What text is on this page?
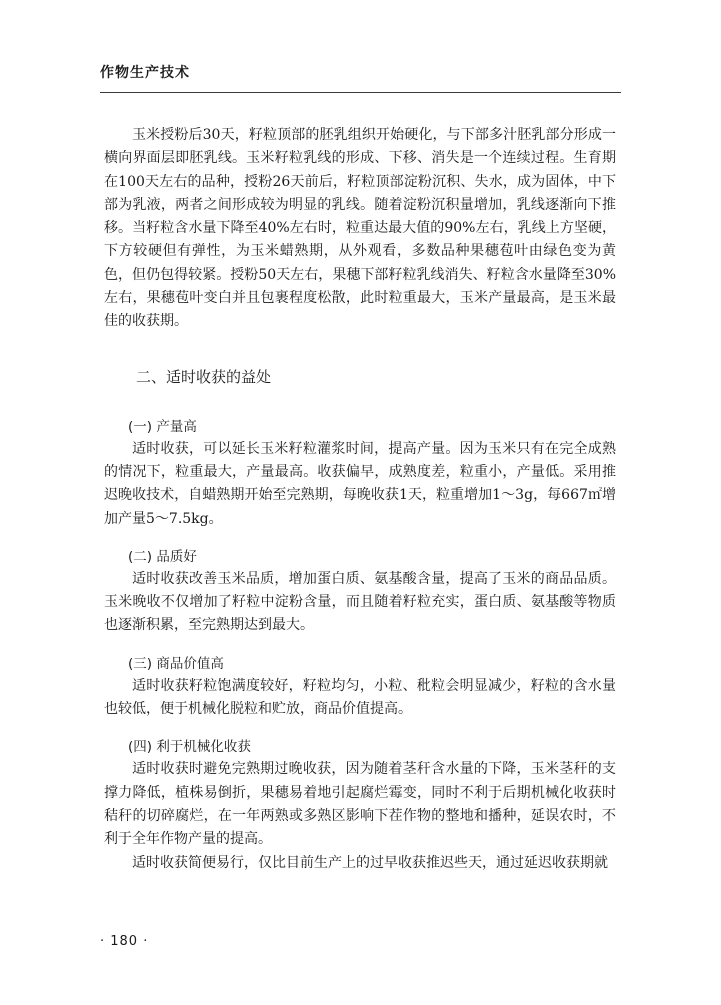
作物生产技术

玉米授粉后30天，籽粒顶部的胚乳组织开始硬化，与下部多汁胚乳部分形成一横向界面层即胚乳线。玉米籽粒乳线的形成、下移、消失是一个连续过程。生育期在100天左右的品种，授粉26天前后，籽粒顶部淀粉沉积、失水，成为固体，中下部为乳液，两者之间形成较为明显的乳线。随着淀粉沉积量增加，乳线逐渐向下推移。当籽粒含水量下降至40%左右时，粒重达最大值的90%左右，乳线上方坚硬，下方较硬但有弹性，为玉米蜡熟期，从外观看，多数品种果穗苞叶由绿色变为黄色，但仍包得较紧。授粉50天左右，果穗下部籽粒乳线消失、籽粒含水量降至30%左右，果穗苞叶变白并且包裹程度松散，此时粒重最大，玉米产量最高，是玉米最佳的收获期。

二、适时收获的益处
(一) 产量高

适时收获，可以延长玉米籽粒灌浆时间，提高产量。因为玉米只有在完全成熟的情况下，粒重最大，产量最高。收获偏早，成熟度差，粒重小，产量低。采用推迟晚收技术，自蜡熟期开始至完熟期，每晚收获1天，粒重增加1～3g，每667㎡增加产量5～7.5kg。

(二) 品质好

适时收获改善玉米品质，增加蛋白质、氨基酸含量，提高了玉米的商品品质。玉米晚收不仅增加了籽粒中淀粉含量，而且随着籽粒充实，蛋白质、氨基酸等物质也逐渐积累，至完熟期达到最大。

(三) 商品价值高

适时收获籽粒饱满度较好，籽粒均匀，小粒、秕粒会明显减少，籽粒的含水量也较低，便于机械化脱粒和贮放，商品价值提高。

(四) 利于机械化收获

适时收获时避免完熟期过晚收获，因为随着茎秆含水量的下降，玉米茎秆的支撑力降低，植株易倒折，果穗易着地引起腐烂霉变，同时不利于后期机械化收获时秸秆的切碎腐烂，在一年两熟或多熟区影响下茬作物的整地和播种，延误农时，不利于全年作物产量的提高。

适时收获简便易行，仅比目前生产上的过早收获推迟些天，通过延迟收获期就

· 180 ·
